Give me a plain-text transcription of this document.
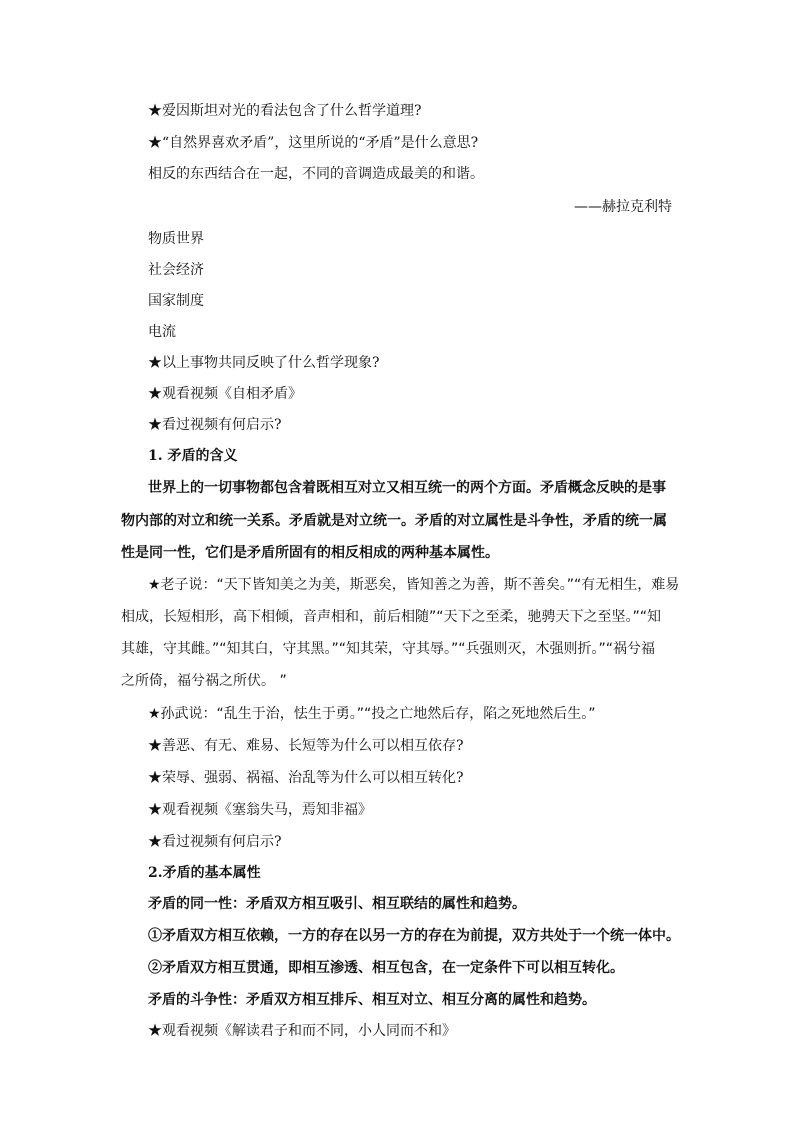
★爱因斯坦对光的看法包含了什么哲学道理?
★“自然界喜欢矛盾”，这里所说的“矛盾”是什么意思?
相反的东西结合在一起，不同的音调造成最美的和谐。
——赫拉克利特
物质世界
社会经济
国家制度
电流
★以上事物共同反映了什么哲学现象?
★观看视频《自相矛盾》
★看过视频有何启示?
1. 矛盾的含义
世界上的一切事物都包含着既相互对立又相互统一的两个方面。矛盾概念反映的是事
物内部的对立和统一关系。矛盾就是对立统一。矛盾的对立属性是斗争性，矛盾的统一属
性是同一性，它们是矛盾所固有的相反相成的两种基本属性。
★老子说：“天下皆知美之为美，斯恶矣，皆知善之为善，斯不善矣。”“有无相生，难易
相成，长短相形，高下相倾，音声相和，前后相随”“天下之至柔，驰骋天下之至坚。”“知
其雄，守其雌。”“知其白，守其黑。”“知其荣，守其辱。”“兵强则灭，木强则折。”“祸兮福
之所倚，福兮祸之所伏。 ”
★孙武说：“乱生于治，怯生于勇。”“投之亡地然后存，陷之死地然后生。”
★善恶、有无、难易、长短等为什么可以相互依存?
★荣辱、强弱、祸福、治乱等为什么可以相互转化?
★观看视频《塞翁失马，焉知非福》
★看过视频有何启示?
2.矛盾的基本属性
矛盾的同一性：矛盾双方相互吸引、相互联结的属性和趋势。
①矛盾双方相互依赖，一方的存在以另一方的存在为前提，双方共处于一个统一体中。
②矛盾双方相互贯通，即相互渗透、相互包含，在一定条件下可以相互转化。
矛盾的斗争性：矛盾双方相互排斥、相互对立、相互分离的属性和趋势。
★观看视频《解读君子和而不同，小人同而不和》
